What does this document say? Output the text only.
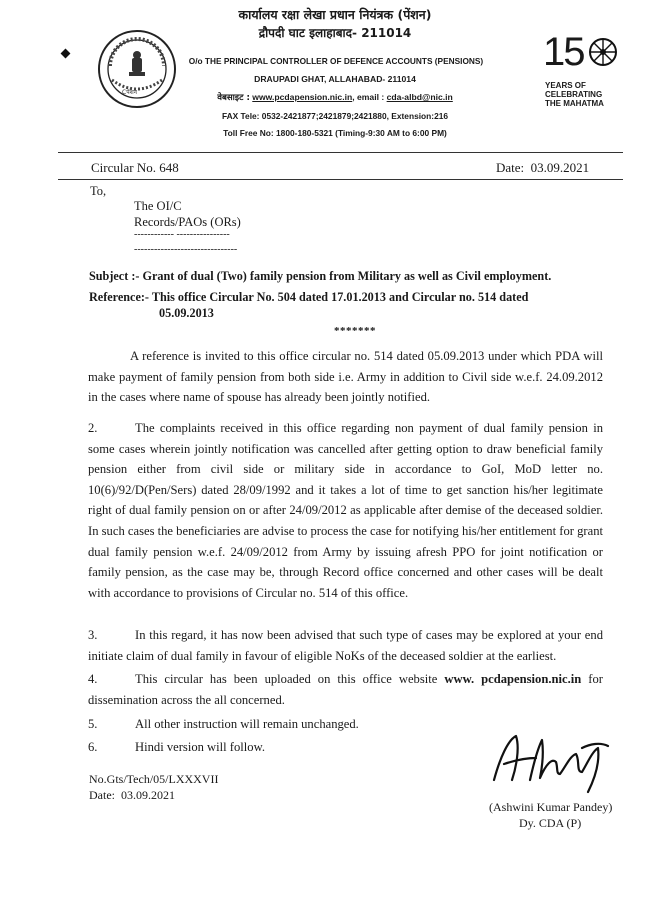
Cपेंशन
कार्यालय रक्षा लेखा प्रधान नियंत्रक (पेंशन)
द्रौपदी घाट इलाहाबाद- 211014
O/o THE PRINCIPAL CONTROLLER OF DEFENCE ACCOUNTS (PENSIONS)
DRAUPADI GHAT, ALLAHABAD- 211014
वेबसाइट : www.pcdapension.nic.in, email : cda-albd@nic.in
FAX Tele: 0532-2421877;2421879;2421880, Extension:216
Toll Free No: 1800-180-5321 (Timing-9:30 AM to 6:00 PM)
15
YEARS OF
CELEBRATING
THE MAHATMA
Circular No. 648	Date:  03.09.2021
To,
The OI/C
Records/PAOs (ORs)
------------ ----------------
-------------------------------
Subject :- Grant of dual (Two) family pension from Military as well as Civil employment.
Reference:- This office Circular No. 504 dated 17.01.2013 and Circular no. 514 dated
05.09.2013
*******
A reference is invited to this office circular no. 514 dated 05.09.2013 under which PDA will make payment of family pension from both side i.e. Army in addition to Civil side w.e.f. 24.09.2012 in the cases where name of spouse has already been jointly notified.
2.	The complaints received in this office regarding non payment of dual family pension in some cases wherein jointly notification was cancelled after getting option to draw beneficial family pension either from civil side or military side in accordance to GoI, MoD letter no. 10(6)/92/D(Pen/Sers) dated 28/09/1992 and it takes a lot of time to get sanction his/her legitimate right of dual family pension on or after 24/09/2012 as applicable after demise of the deceased soldier. In such cases the beneficiaries are advise to process the case for notifying his/her entitlement for grant dual family pension w.e.f. 24/09/2012 from Army by issuing afresh PPO for joint notification or family pension, as the case may be, through Record office concerned and other cases will be dealt with accordance to provisions of Circular no. 514 of this office.
3.	In this regard, it has now been advised that such type of cases may be explored at your end initiate claim of dual family in favour of eligible NoKs of the deceased soldier at the earliest.
4.	This circular has been uploaded on this office website www. pcdapension.nic.in for dissemination across the all concerned.
5.	All other instruction will remain unchanged.
6.	Hindi version will follow.
No.Gts/Tech/05/LXXXVII
Date:  03.09.2021
(Ashwini Kumar Pandey)
Dy. CDA (P)
